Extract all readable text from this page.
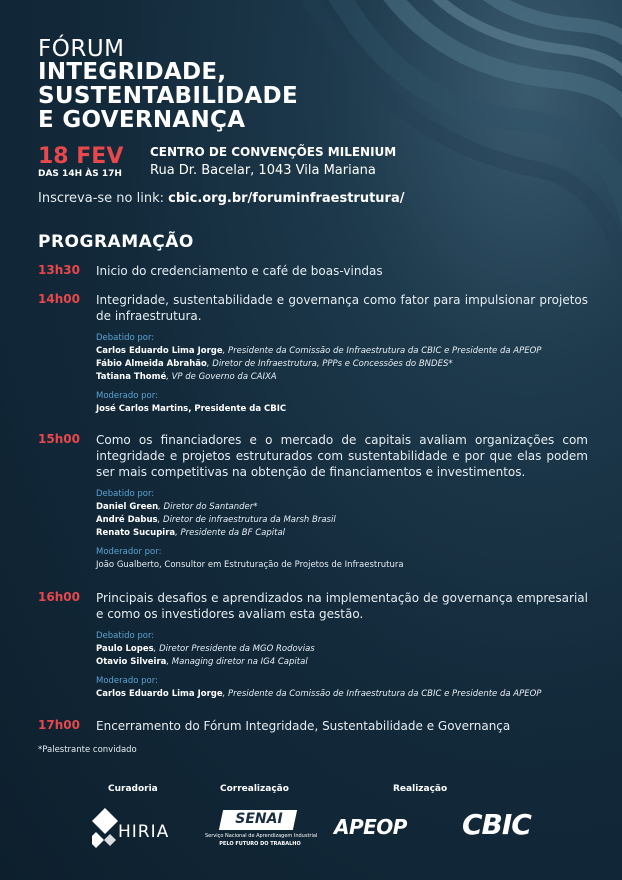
FÓRUM
INTEGRIDADE,
SUSTENTABILIDADE
E GOVERNANÇA
18 FEV
DAS 14H ÀS 17H
CENTRO DE CONVENÇÕES MILENIUM
Rua Dr. Bacelar, 1043 Vila Mariana
Inscreva-se no link: cbic.org.br/foruminfraestrutura/
PROGRAMAÇÃO
13h30 Inicio do credenciamento e café de boas-vindas
14h00 Integridade, sustentabilidade e governança como fator para impulsionar projetos de infraestrutura.
Debatido por:
Carlos Eduardo Lima Jorge, Presidente da Comissão de Infraestrutura da CBIC e Presidente da APEOP
Fábio Almeida Abrahão, Diretor de Infraestrutura, PPPs e Concessões do BNDES*
Tatiana Thomé, VP de Governo da CAIXA
Moderado por:
José Carlos Martins, Presidente da CBIC
15h00 Como os financiadores e o mercado de capitais avaliam organizações com integridade e projetos estruturados com sustentabilidade e por que elas podem ser mais competitivas na obtenção de financiamentos e investimentos.
Debatido por:
Daniel Green, Diretor do Santander*
André Dabus, Diretor de infraestrutura da Marsh Brasil
Renato Sucupira, Presidente da BF Capital
Moderador por:
João Gualberto, Consultor em Estruturação de Projetos de Infraestrutura
16h00 Principais desafios e aprendizados na implementação de governança empresarial e como os investidores avaliam esta gestão.
Debatido por:
Paulo Lopes, Diretor Presidente da MGO Rodovias
Otavio Silveira, Managing diretor na IG4 Capital
Moderado por:
Carlos Eduardo Lima Jorge, Presidente da Comissão de Infraestrutura da CBIC e Presidente da APEOP
17h00 Encerramento do Fórum Integridade, Sustentabilidade e Governança
*Palestrante convidado
Curadoria	Correalização	Realização
HIRIA
SENAI
Serviço Nacional de Aprendizagem Industrial
PELO FUTURO DO TRABALHO
APEOP	CBIC
